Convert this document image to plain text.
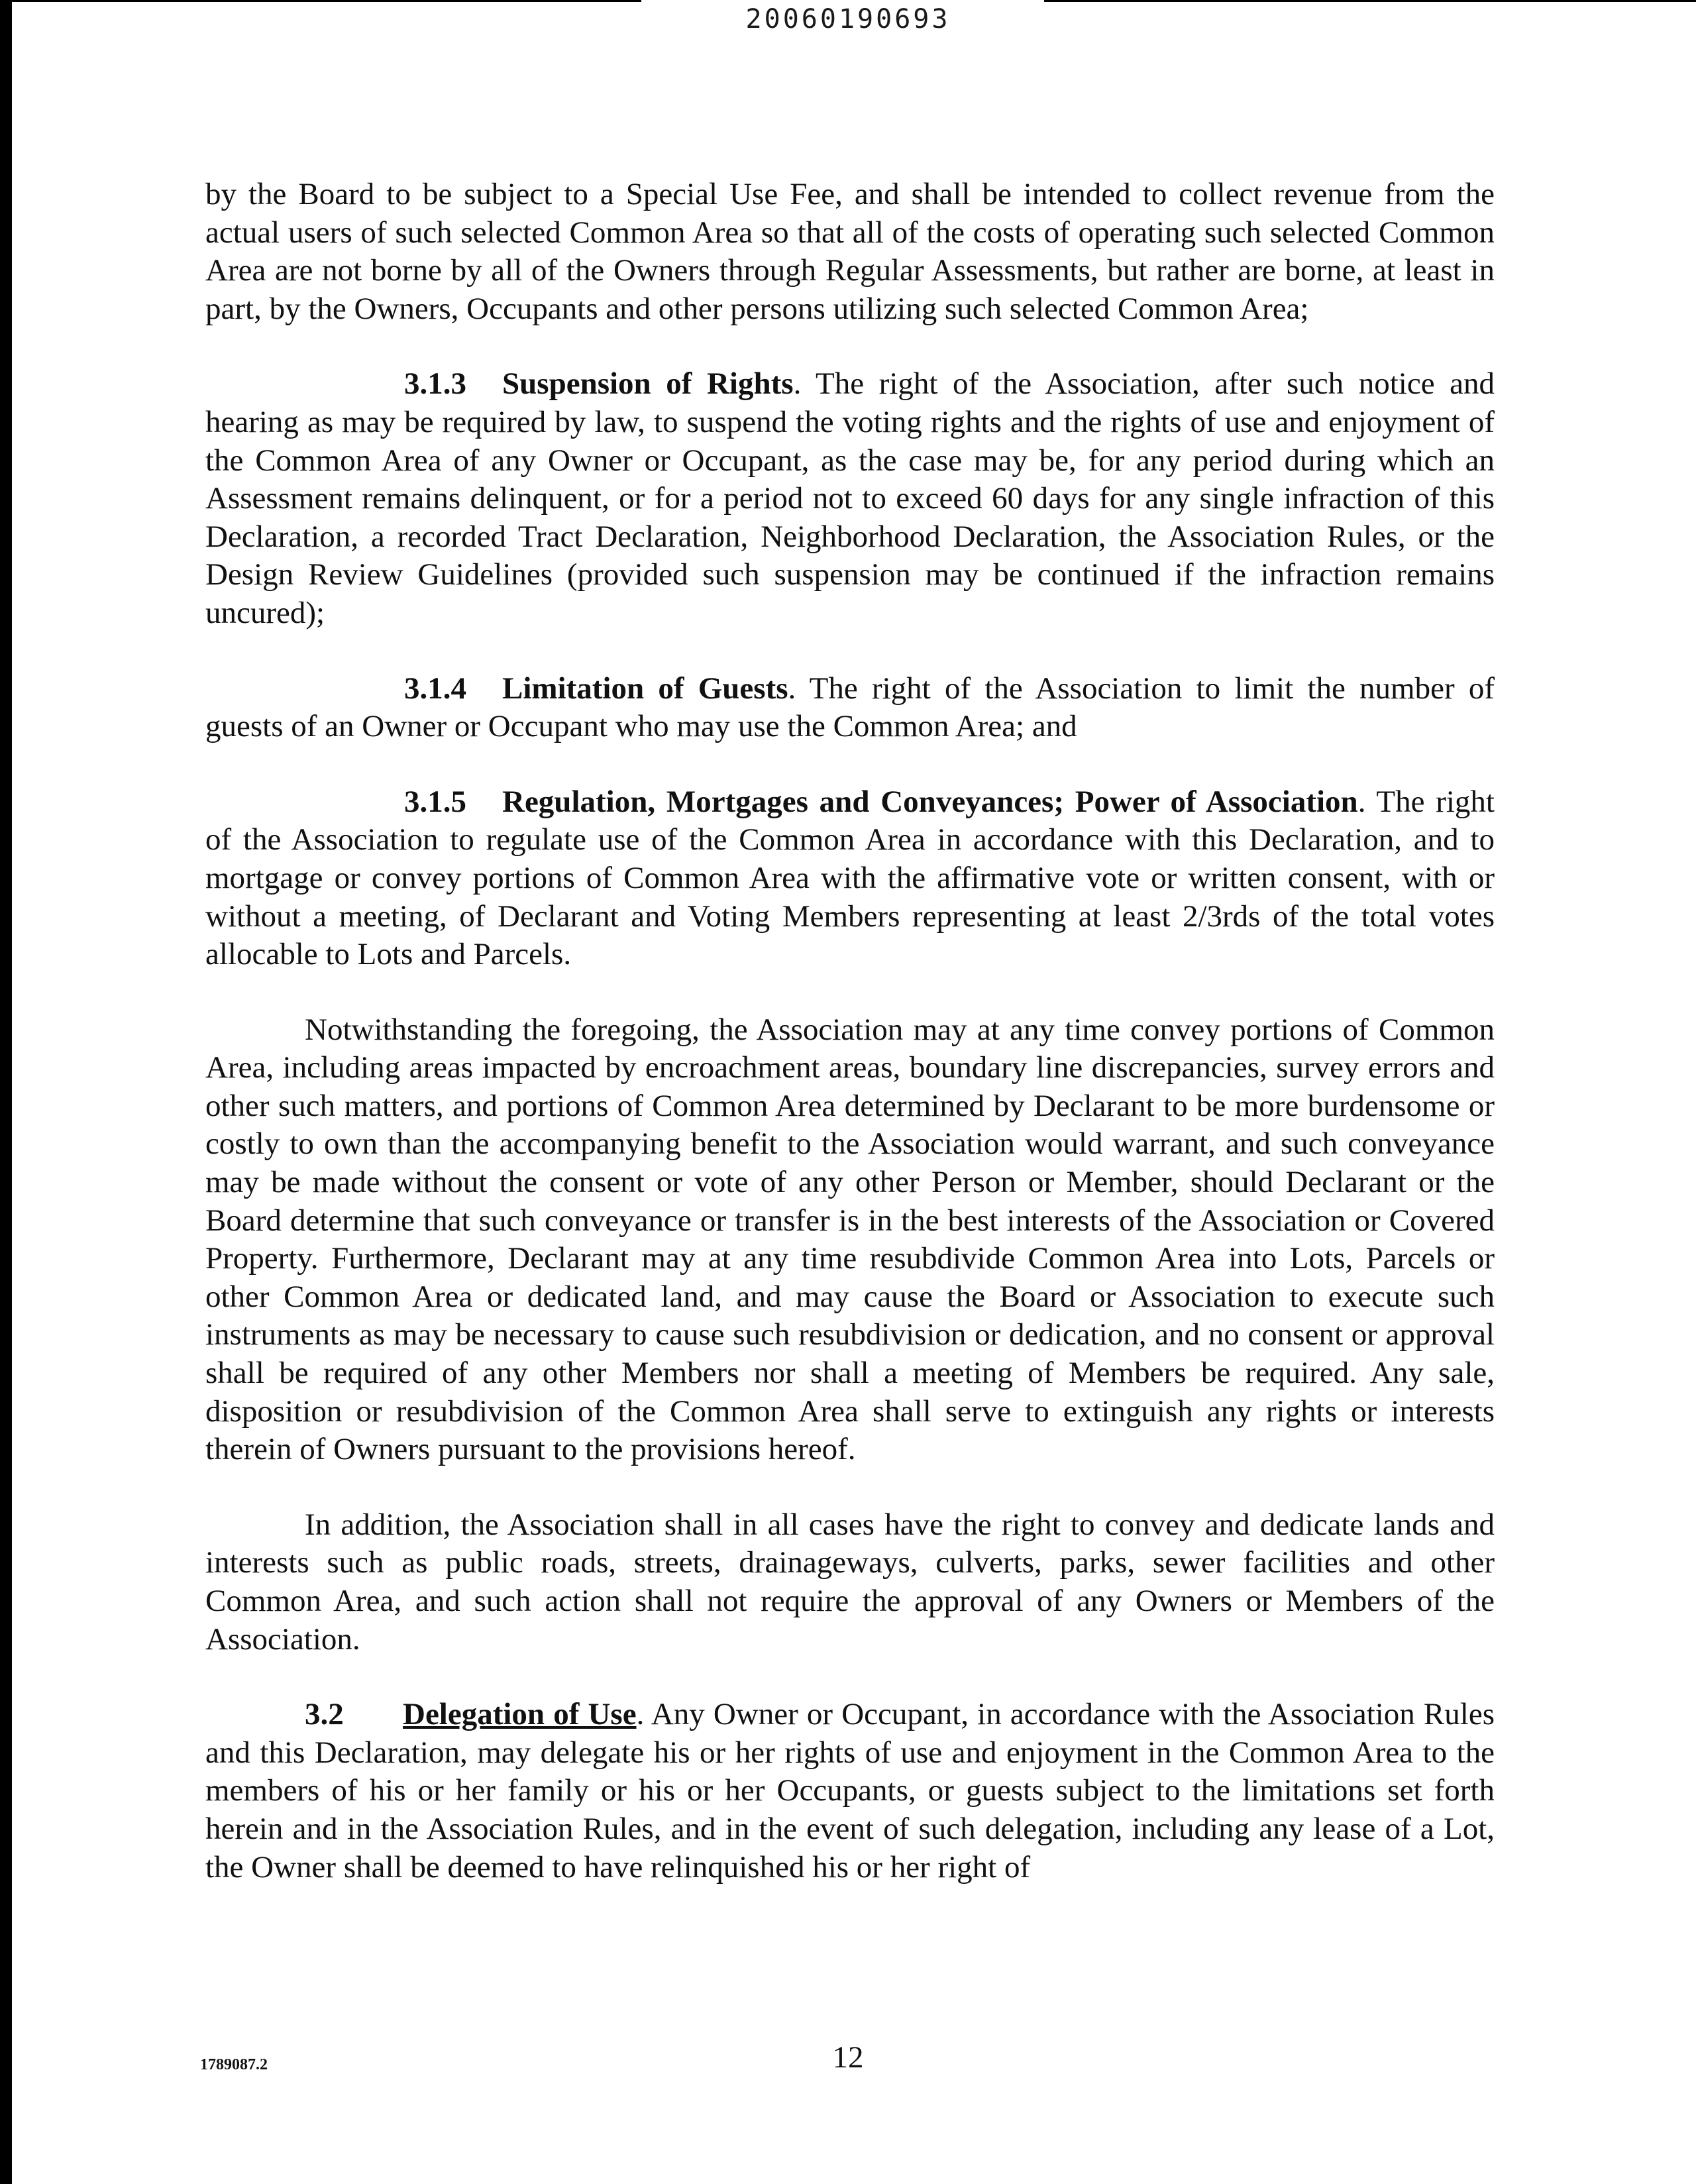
20060190693

by the Board to be subject to a Special Use Fee, and shall be intended to collect revenue from the actual users of such selected Common Area so that all of the costs of operating such selected Common Area are not borne by all of the Owners through Regular Assessments, but rather are borne, at least in part, by the Owners, Occupants and other persons utilizing such selected Common Area;

3.1.3 Suspension of Rights. The right of the Association, after such notice and hearing as may be required by law, to suspend the voting rights and the rights of use and enjoyment of the Common Area of any Owner or Occupant, as the case may be, for any period during which an Assessment remains delinquent, or for a period not to exceed 60 days for any single infraction of this Declaration, a recorded Tract Declaration, Neighborhood Declaration, the Association Rules, or the Design Review Guidelines (provided such suspension may be continued if the infraction remains uncured);

3.1.4 Limitation of Guests. The right of the Association to limit the number of guests of an Owner or Occupant who may use the Common Area; and

3.1.5 Regulation, Mortgages and Conveyances; Power of Association. The right of the Association to regulate use of the Common Area in accordance with this Declaration, and to mortgage or convey portions of Common Area with the affirmative vote or written consent, with or without a meeting, of Declarant and Voting Members representing at least 2/3rds of the total votes allocable to Lots and Parcels.

Notwithstanding the foregoing, the Association may at any time convey portions of Common Area, including areas impacted by encroachment areas, boundary line discrepancies, survey errors and other such matters, and portions of Common Area determined by Declarant to be more burdensome or costly to own than the accompanying benefit to the Association would warrant, and such conveyance may be made without the consent or vote of any other Person or Member, should Declarant or the Board determine that such conveyance or transfer is in the best interests of the Association or Covered Property. Furthermore, Declarant may at any time resubdivide Common Area into Lots, Parcels or other Common Area or dedicated land, and may cause the Board or Association to execute such instruments as may be necessary to cause such resubdivision or dedication, and no consent or approval shall be required of any other Members nor shall a meeting of Members be required. Any sale, disposition or resubdivision of the Common Area shall serve to extinguish any rights or interests therein of Owners pursuant to the provisions hereof.

In addition, the Association shall in all cases have the right to convey and dedicate lands and interests such as public roads, streets, drainageways, culverts, parks, sewer facilities and other Common Area, and such action shall not require the approval of any Owners or Members of the Association.

3.2 Delegation of Use. Any Owner or Occupant, in accordance with the Association Rules and this Declaration, may delegate his or her rights of use and enjoyment in the Common Area to the members of his or her family or his or her Occupants, or guests subject to the limitations set forth herein and in the Association Rules, and in the event of such delegation, including any lease of a Lot, the Owner shall be deemed to have relinquished his or her right of

1789087.2	12
